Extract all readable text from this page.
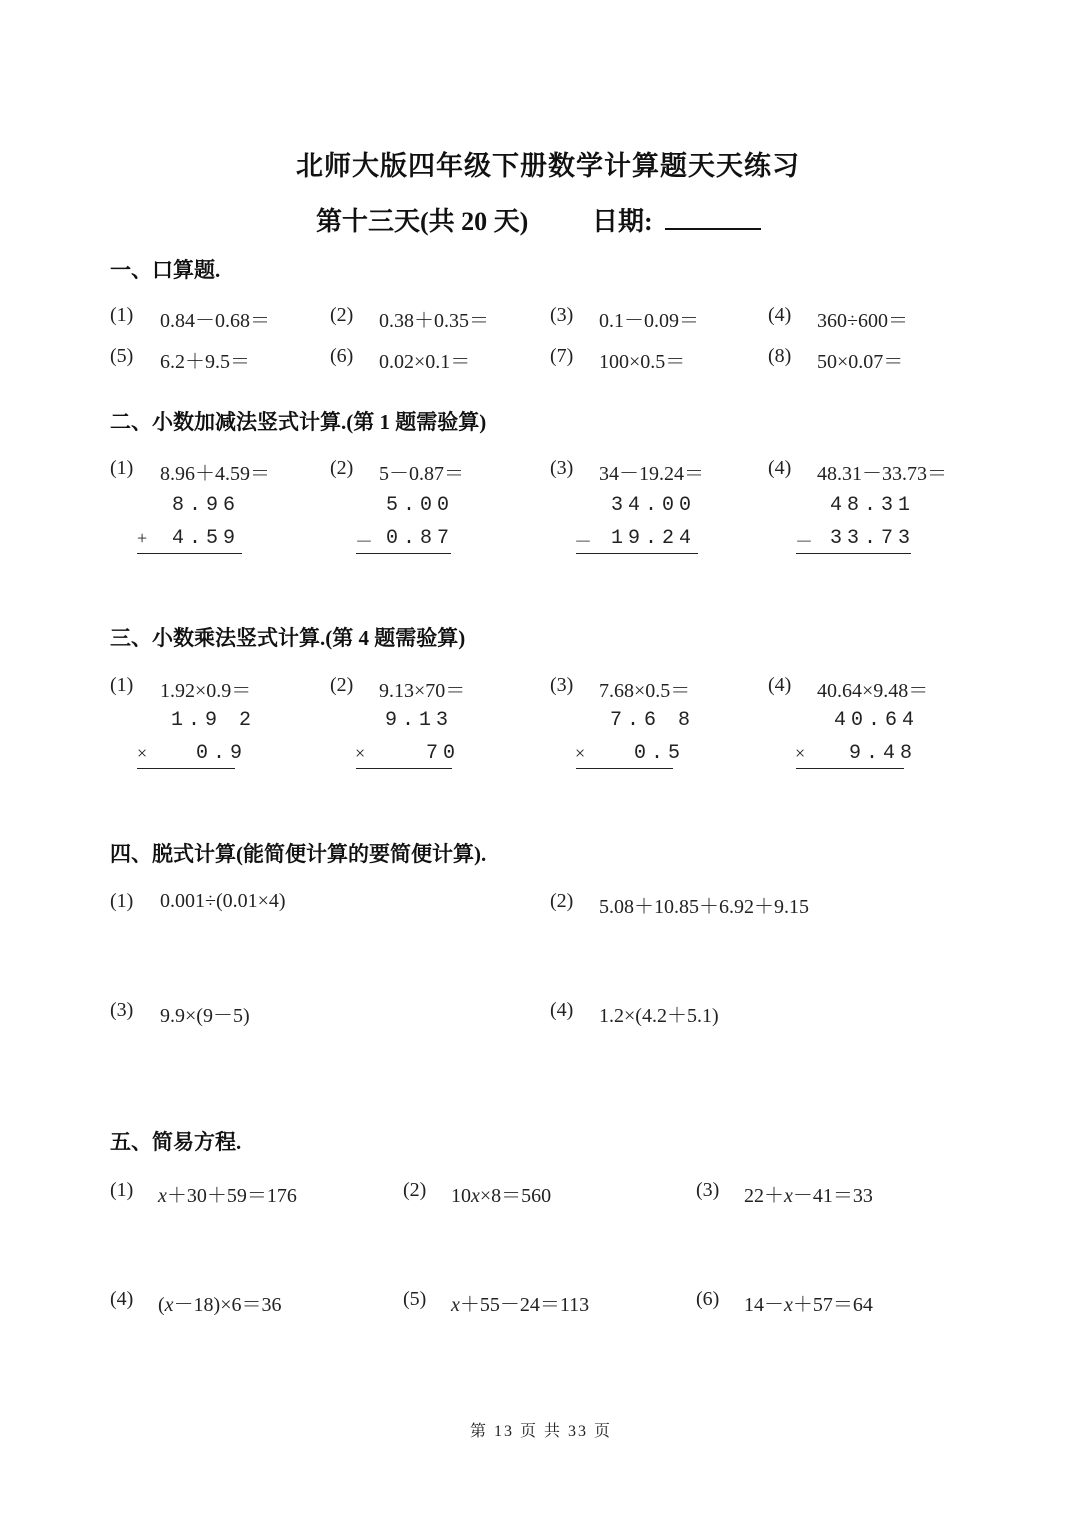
北师大版四年级下册数学计算题天天练习
第十三天(共 20 天) 日期:
一、口算题.
(1) 0.84－0.68＝	(2) 0.38＋0.35＝	(3) 0.1－0.09＝	(4) 360÷600＝
(5) 6.2＋9.5＝	(6) 0.02×0.1＝	(7) 100×0.5＝	(8) 50×0.07＝
二、小数加减法竖式计算.(第 1 题需验算)
(1) 8.96＋4.59＝
8.96
+ 4.59
(2) 5－0.87＝
5.00
－ 0.87
(3) 34－19.24＝
34.00
－ 19.24
(4) 48.31－33.73＝
48.31
－ 33.73
三、小数乘法竖式计算.(第 4 题需验算)
(1) 1.92×0.9＝
1.9 2
× 0.9
(2) 9.13×70＝
9.13
×	70
(3) 7.68×0.5＝
7.6 8
× 0.5
(4) 40.64×9.48＝
40.64
× 9.48
四、脱式计算(能简便计算的要简便计算).
(1) 0.001÷(0.01×4)	(2) 5.08＋10.85＋6.92＋9.15
(3) 9.9×(9－5)	(4) 1.2×(4.2＋5.1)
五、简易方程.
(1) x＋30＋59＝176	(2) 10x×8＝560	(3) 22＋x－41＝33
(4) (x－18)×6＝36	(5) x＋55－24＝113	(6) 14－x＋57＝64
第 13 页 共 33 页
